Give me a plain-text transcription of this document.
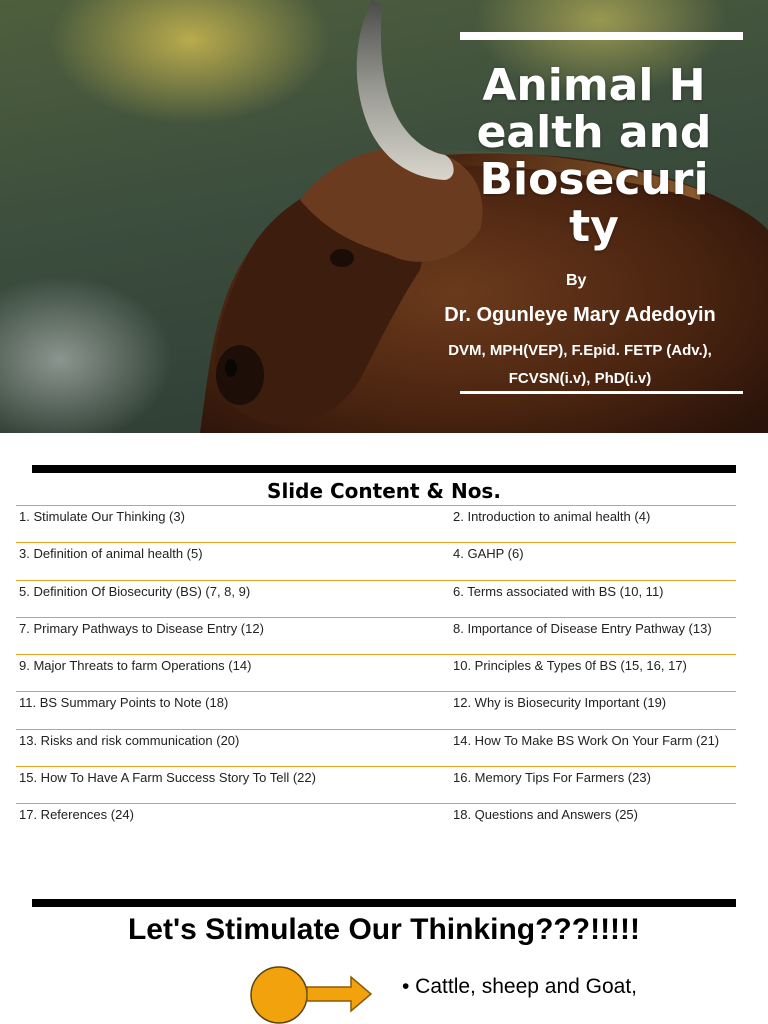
Animal Health and Biosecurity
By
Dr. Ogunleye Mary Adedoyin
DVM, MPH(VEP), F.Epid. FETP (Adv.),
FCVSN(i.v), PhD(i.v)
Slide Content & Nos.
1. Stimulate Our Thinking (3)	2. Introduction to animal health (4)
3. Definition of animal health (5)	4. GAHP (6)
5. Definition Of Biosecurity (BS) (7, 8, 9)	6. Terms associated with BS (10, 11)
7. Primary Pathways to Disease Entry (12)	8. Importance of Disease Entry Pathway (13)
9. Major Threats to farm Operations (14)	10. Principles & Types 0f BS (15, 16, 17)
11. BS Summary Points to Note (18)	12. Why is Biosecurity Important (19)
13. Risks and risk communication (20)	14. How To Make BS Work On Your Farm (21)
15. How To Have A Farm Success Story To Tell (22)	16. Memory Tips For Farmers (23)
17. References (24)	18. Questions and Answers (25)
Let's Stimulate Our Thinking???!!!!!
• Cattle, sheep and Goat,
